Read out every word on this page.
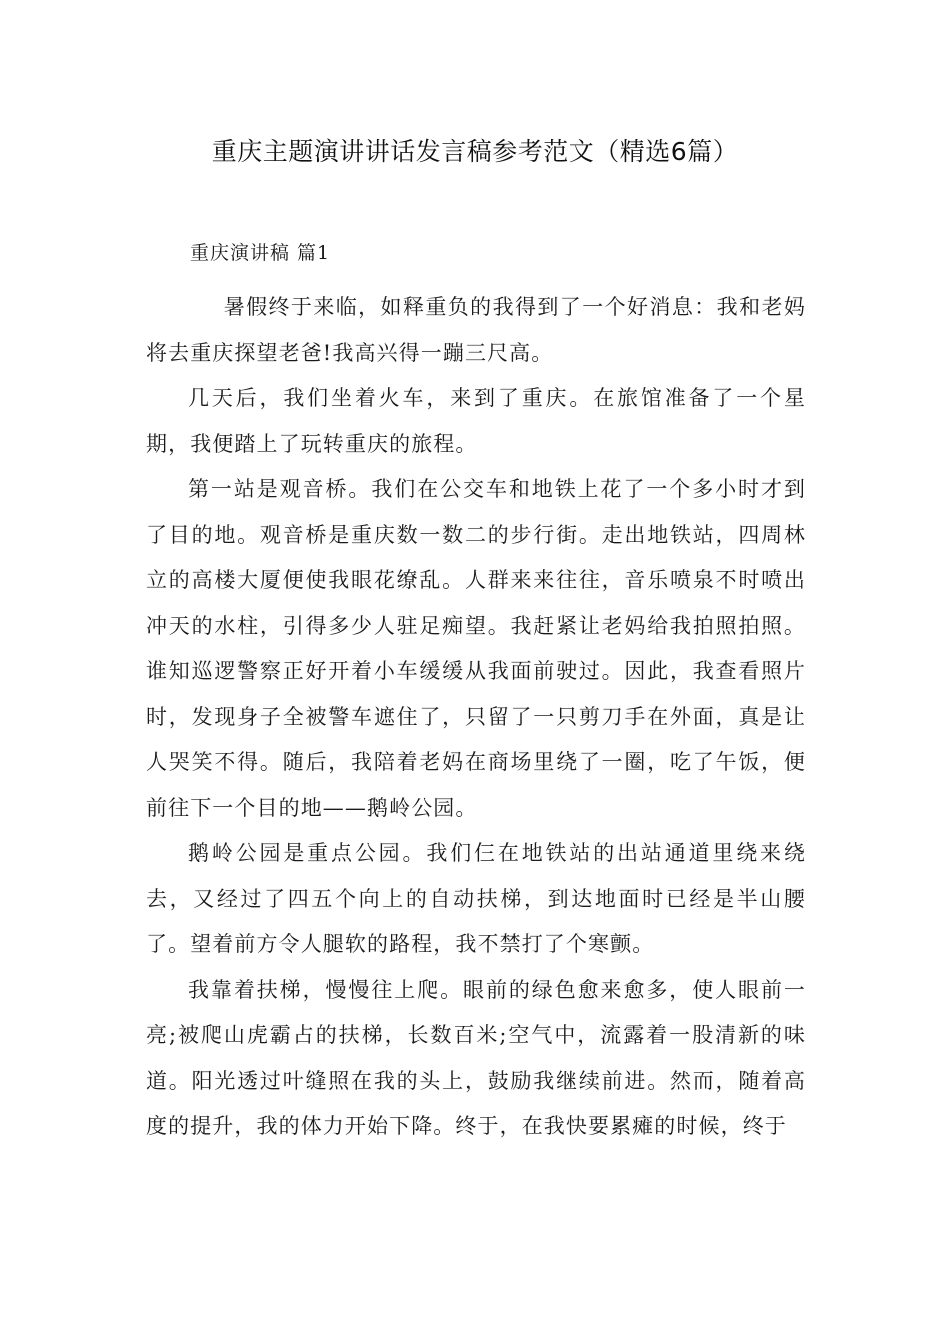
重庆主题演讲讲话发言稿参考范文（精选6篇）
重庆演讲稿 篇1

暑假终于来临，如释重负的我得到了一个好消息：我和老妈将去重庆探望老爸!我高兴得一蹦三尺高。

几天后，我们坐着火车，来到了重庆。在旅馆准备了一个星期，我便踏上了玩转重庆的旅程。

第一站是观音桥。我们在公交车和地铁上花了一个多小时才到了目的地。观音桥是重庆数一数二的步行街。走出地铁站，四周林立的高楼大厦便使我眼花缭乱。人群来来往往，音乐喷泉不时喷出冲天的水柱，引得多少人驻足痴望。我赶紧让老妈给我拍照拍照。谁知巡逻警察正好开着小车缓缓从我面前驶过。因此，我查看照片时，发现身子全被警车遮住了，只留了一只剪刀手在外面，真是让人哭笑不得。随后，我陪着老妈在商场里绕了一圈，吃了午饭，便前往下一个目的地——鹅岭公园。

鹅岭公园是重点公园。我们仨在地铁站的出站通道里绕来绕去，又经过了四五个向上的自动扶梯，到达地面时已经是半山腰了。望着前方令人腿软的路程，我不禁打了个寒颤。

我靠着扶梯，慢慢往上爬。眼前的绿色愈来愈多，使人眼前一亮;被爬山虎霸占的扶梯，长数百米;空气中，流露着一股清新的味道。阳光透过叶缝照在我的头上，鼓励我继续前进。然而，随着高度的提升，我的体力开始下降。终于，在我快要累瘫的时候，终于
